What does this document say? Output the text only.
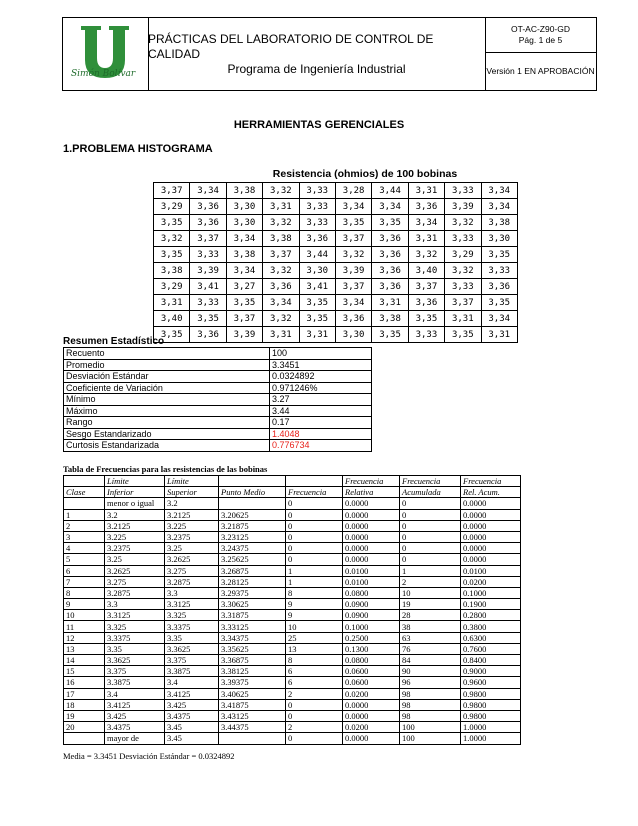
Simón Bolívar
PRÁCTICAS DEL LABORATORIO DE CONTROL DE CALIDAD
Programa de Ingeniería Industrial
OT-AC-Z90-GD
Pág. 1 de 5
Versión 1 EN APROBACIÓN
HERRAMIENTAS GERENCIALES
1.PROBLEMA HISTOGRAMA
Resistencia (ohmios) de 100 bobinas
3,37	3,34	3,38	3,32	3,33	3,28	3,44	3,31	3,33	3,34
3,29	3,36	3,30	3,31	3,33	3,34	3,34	3,36	3,39	3,34
3,35	3,36	3,30	3,32	3,33	3,35	3,35	3,34	3,32	3,38
3,32	3,37	3,34	3,38	3,36	3,37	3,36	3,31	3,33	3,30
3,35	3,33	3,38	3,37	3,44	3,32	3,36	3,32	3,29	3,35
3,38	3,39	3,34	3,32	3,30	3,39	3,36	3,40	3,32	3,33
3,29	3,41	3,27	3,36	3,41	3,37	3,36	3,37	3,33	3,36
3,31	3,33	3,35	3,34	3,35	3,34	3,31	3,36	3,37	3,35
3,40	3,35	3,37	3,32	3,35	3,36	3,38	3,35	3,31	3,34
3,35	3,36	3,39	3,31	3,31	3,30	3,35	3,33	3,35	3,31
Resumen Estadístico
Recuento	100
Promedio	3.3451
Desviación Estándar	0.0324892
Coeficiente de Variación	0.971246%
Mínimo	3.27
Máximo	3.44
Rango	0.17
Sesgo Estandarizado	1.4048
Curtosis Estandarizada	0.776734
Tabla de Frecuencias para las resistencias de las bobinas
	Límite	Límite			Frecuencia	Frecuencia	Frecuencia
Clase	Inferior	Superior	Punto Medio	Frecuencia	Relativa	Acumulada	Rel. Acum.
	menor o igual	3.2		0	0.0000	0	0.0000
1	3.2	3.2125	3.20625	0	0.0000	0	0.0000
2	3.2125	3.225	3.21875	0	0.0000	0	0.0000
3	3.225	3.2375	3.23125	0	0.0000	0	0.0000
4	3.2375	3.25	3.24375	0	0.0000	0	0.0000
5	3.25	3.2625	3.25625	0	0.0000	0	0.0000
6	3.2625	3.275	3.26875	1	0.0100	1	0.0100
7	3.275	3.2875	3.28125	1	0.0100	2	0.0200
8	3.2875	3.3	3.29375	8	0.0800	10	0.1000
9	3.3	3.3125	3.30625	9	0.0900	19	0.1900
10	3.3125	3.325	3.31875	9	0.0900	28	0.2800
11	3.325	3.3375	3.33125	10	0.1000	38	0.3800
12	3.3375	3.35	3.34375	25	0.2500	63	0.6300
13	3.35	3.3625	3.35625	13	0.1300	76	0.7600
14	3.3625	3.375	3.36875	8	0.0800	84	0.8400
15	3.375	3.3875	3.38125	6	0.0600	90	0.9000
16	3.3875	3.4	3.39375	6	0.0600	96	0.9600
17	3.4	3.4125	3.40625	2	0.0200	98	0.9800
18	3.4125	3.425	3.41875	0	0.0000	98	0.9800
19	3.425	3.4375	3.43125	0	0.0000	98	0.9800
20	3.4375	3.45	3.44375	2	0.0200	100	1.0000
	mayor de	3.45		0	0.0000	100	1.0000
Media = 3.3451 Desviación Estándar = 0.0324892
